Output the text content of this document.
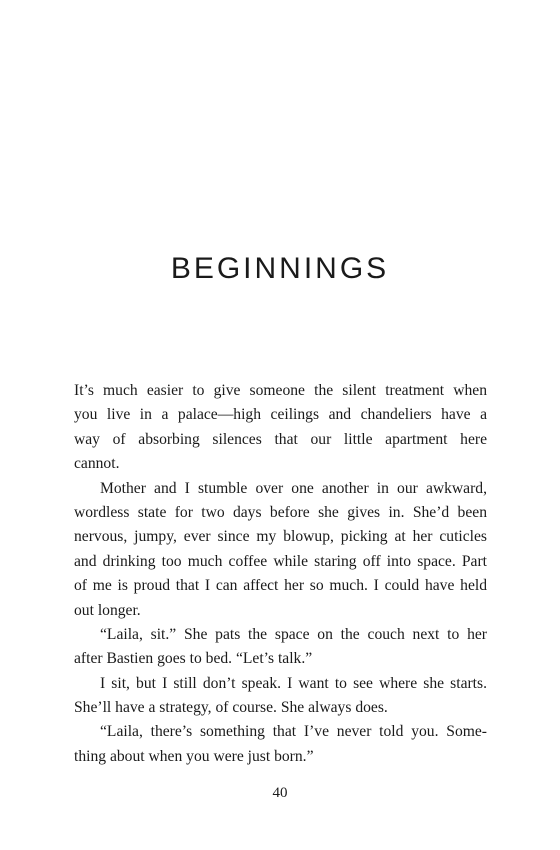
BEGINNINGS
It’s much easier to give someone the silent treatment when
you live in a palace—high ceilings and chandeliers have a
way of absorbing silences that our little apartment here
cannot.
Mother and I stumble over one another in our awkward,
wordless state for two days before she gives in. She’d been
nervous, jumpy, ever since my blowup, picking at her cuticles
and drinking too much coffee while staring off into space. Part
of me is proud that I can affect her so much. I could have held
out longer.
“Laila, sit.” She pats the space on the couch next to her
after Bastien goes to bed. “Let’s talk.”
I sit, but I still don’t speak. I want to see where she starts.
She’ll have a strategy, of course. She always does.
“Laila, there’s something that I’ve never told you. Some-
thing about when you were just born.”
40
